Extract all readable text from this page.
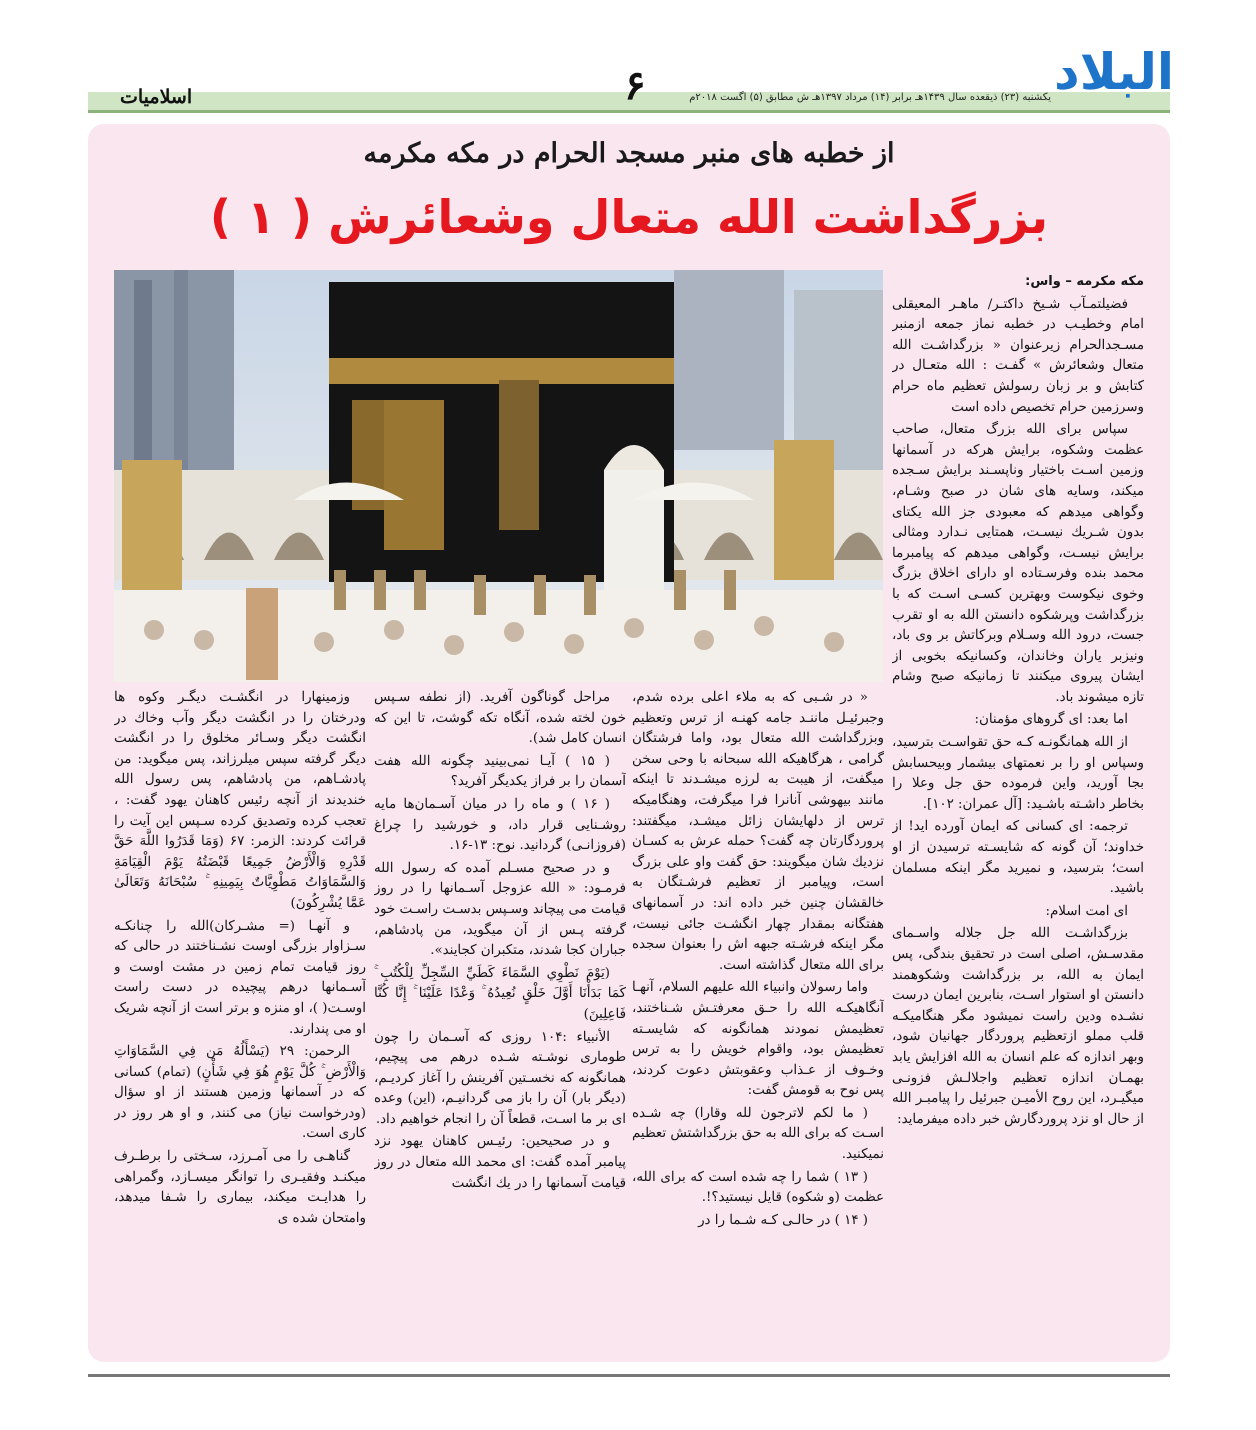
البلاد
یکشنبه (۲۳) ذیقعده سال ۱۴۳۹هـ برابر (۱۴) مرداد ۱۳۹۷هـ ش مطابق (۵) اگست ۲۰۱۸م
۶
اسلامیات
از خطبه های منبر مسجد الحرام در مکه مکرمه
بزرگداشت الله متعال وشعائرش ( ۱ )

مکه مکرمه – واس:

فضیلتمـآب شـیخ داکتـر/ ماهـر المعیقلی امام وخطیـب در خطبه نماز جمعه ازمنبر مسـجدالحرام زیرعنوان « بزرگداشـت الله متعال وشعائرش » گفـت : الله متعـال در کتابش و بر زبان رسولش تعظیم ماه حرام وسرزمین حرام تخصیص داده است

سپاس برای الله بزرگ متعال، صاحب عظمت وشکوه، برایش هرکه در آسمانها وزمین اسـت باختیار وناپسـند برایش سـجده میکند، وسایه های شان در صبح وشـام، وگواهی میدهم که معبودی جز الله یکتای بدون شـریك نیسـت، همتایی نـدارد ومثالی برایش نیسـت، وگواهی میدهم که پیامبرما محمد بنده وفرسـتاده او دارای اخلاق بزرگ وخوی نیکوست وبهترین کسـی اسـت که با بزرگداشت وپرشکوه دانستن الله به او تقرب جست، درود الله وسـلام وبرکاتش بر وی باد، ونیزبر یاران وخاندان، وکسانیکه بخوبی از ایشان پیروی میکنند تا زمانیکه صبح وشام تازه میشوند باد.

اما بعد: ای گروهای مؤمنان:

از الله همانگونـه کـه حق تقواسـت بترسید، وسپاس او را بر نعمتهای بیشمار وبیحسابش بجا آورید، واین فرموده حق جل وعلا را بخاطر داشـته باشـید: [آل عمران: ۱۰۲].

ترجمه: ای کسانی که ایمان آورده اید! از خداوند؛ آن گونه که شایسـته ترسیدن از او است؛ بترسید، و نمیرید مگر اینکه مسلمان باشید.

ای امت اسلام:

بزرگداشـت الله جل جلاله واسـمای مقدسـش، اصلی است در تحقیق بندگی، پس ایمان به الله، بر بزرگداشت وشکوهمند دانستن او استوار اسـت، بنابرین ایمان درست نشـده ودین راست نمیشود مگر هنگامیکـه قلب مملو ازتعظیم پروردگار جهانیان شود، وبهر اندازه که علم انسان به الله افزایش یابد بهمـان اندازه تعظیم واجلالـش فزونـی میگیـرد، این روح الأمیـن جبرئیل را پیامبـر الله از حال او نزد پروردگارش خبر داده میفرماید:

« در شـبی که به ملاء اعلی برده شدم، وجبرئیـل ماننـد جامه کهنـه از ترس وتعظیم وبزرگداشت الله متعال بود، واما فرشتگان گرامی ، هرگاهیکه الله سبحانه با وحی سخن میگفت، از هیبت به لرزه میشـدند تا اینکه مانند بیهوشی آنانرا فرا میگرفت، وهنگامیکه ترس از دلهایشان زائل میشـد، میگفتند: پروردگارتان چه گفت؟ حمله عرش به کسـان نزدیك شان میگویند: حق گفت واو علی بزرگ است، وپیامبر از تعظیم فرشـتگان به خالقشان چنین خبر داده اند: در آسمانهای هفتگانه بمقدار چهار انگشـت جائی نیست، مگر اینکه فرشـته جبهه اش را بعنوان سجده برای الله متعال گذاشته است.

واما رسولان وانبیاء الله علیهم السلام، آنهـا آنگاهیکـه الله را حـق معرفتـش شـناختند، تعظیمش نمودند همانگونه که شایسـته تعظیمش بود، واقوام خویش را به ترس وخـوف از عـذاب وعقوبتش دعوت کردند، پس نوح به قومش گفت:

( ما لکم لاترجون لله وقارا) چه شـده اسـت که برای الله به حق بزرگداشتش تعظیم نمیکنید.

( ۱۳ ) شما را چه شده است که برای الله، عظمت (و شکوه) قایل نیستید؟!.

( ۱۴ ) در حالـی کـه شـما را در

مراحل گوناگون آفرید. (از نطفه سـپس خون لخته شده، آنگاه تکه گوشت، تا این که انسان کامل شد).

( ۱۵ ) آیـا نمی‌بینید چگونه الله هفت آسمان را بر فراز یکدیگر آفرید؟

( ۱۶ ) و ماه را در میان آسـمان‌ها مایه روشـنایی قرار داد، و خورشید را چراغ (فروزانـی) گردانید. نوح: ۱۳-۱۶.

و در صحیح مسـلم آمده که رسول الله فرمـود: « الله عزوجل آسـمانها را در روز قیامت می پیچاند وسـپس بدسـت راسـت خود گرفته پـس از آن میگوید، من پادشاهم، جباران کجا شدند، متکبران کجایند».

(يَوْمَ نَطْوِي السَّمَاءَ كَطَيِّ السِّجِلِّ لِلْكُتُبِ ۚ كَمَا بَدَأْنَا أَوَّلَ خَلْقٍ نُعِيدُهُ ۚ وَعْدًا عَلَيْنَا ۚ إِنَّا كُنَّا فَاعِلِينَ)

الأنبياء :۱۰۴ روزی که آسـمان را چون طوماری نوشـته شـده درهم می پیچیم، همانگونه که نخسـتین آفرینش را آغاز کردیـم، (دیگر بار) آن را باز مى گردانیـم، (این) وعده ای بر ما اسـت، قطعاً آن را انجام خواهیم داد.

و در صحیحین: رئیـس کاهنان یهود نزد پیامبر آمده گفت: ای محمد الله متعال در روز قیامت آسمانها را در یك انگشت

وزمینهارا در انگشـت دیگـر وکوه ها ودرختان را در انگشت دیگر وآب وخاك در انگشت دیگر وسـائر مخلوق را در انگشت دیگر گرفته سپس میلرزاند، پس میگوید: من پادشـاهم، من پادشاهم، پس رسول الله خندیدند از آنچه رئیس کاهنان یهود گفت: ، تعجب کرده وتصدیق کرده سـپس این آیت را قرائت کردند: الزمر: ۶۷ (وَمَا قَدَرُوا اللَّهَ حَقَّ قَدْرِهِ وَالْأَرْضُ جَمِيعًا قَبْضَتُهُ يَوْمَ الْقِيَامَةِ وَالسَّمَاوَاتُ مَطْوِيَّاتٌ بِيَمِينِهِ ۚ سُبْحَانَهُ وَتَعَالَىٰ عَمَّا يُشْرِكُونَ)

و آنهـا (= مشـرکان)الله را چنانکـه سـزاوار بزرگی اوست نشـناختند در حالی که روز قیامت تمام زمین در مشت اوست و آسـمانها درهم پیچیده در دست راست اوسـت( )، او منزه و برتر است از آنچه شریک او می پندارند.

الرحمن: ۲۹ (يَسْأَلُهُ مَن فِي السَّمَاوَاتِ وَالْأَرْضِ ۚ كُلَّ يَوْمٍ هُوَ فِي شَأْنٍ) (تمام) کسانی که در آسمانها وزمین هستند از او سؤال (ودرخواست نیاز) می کنند, و او هر روز در کاری است.

گناهـی را می آمـرزد، سـختی را برطـرف میکنـد وفقیـری را توانگر میسـازد، وگمراهی را هدایـت میکند، بیماری را شـفا میدهد، وامتحان شده ی
